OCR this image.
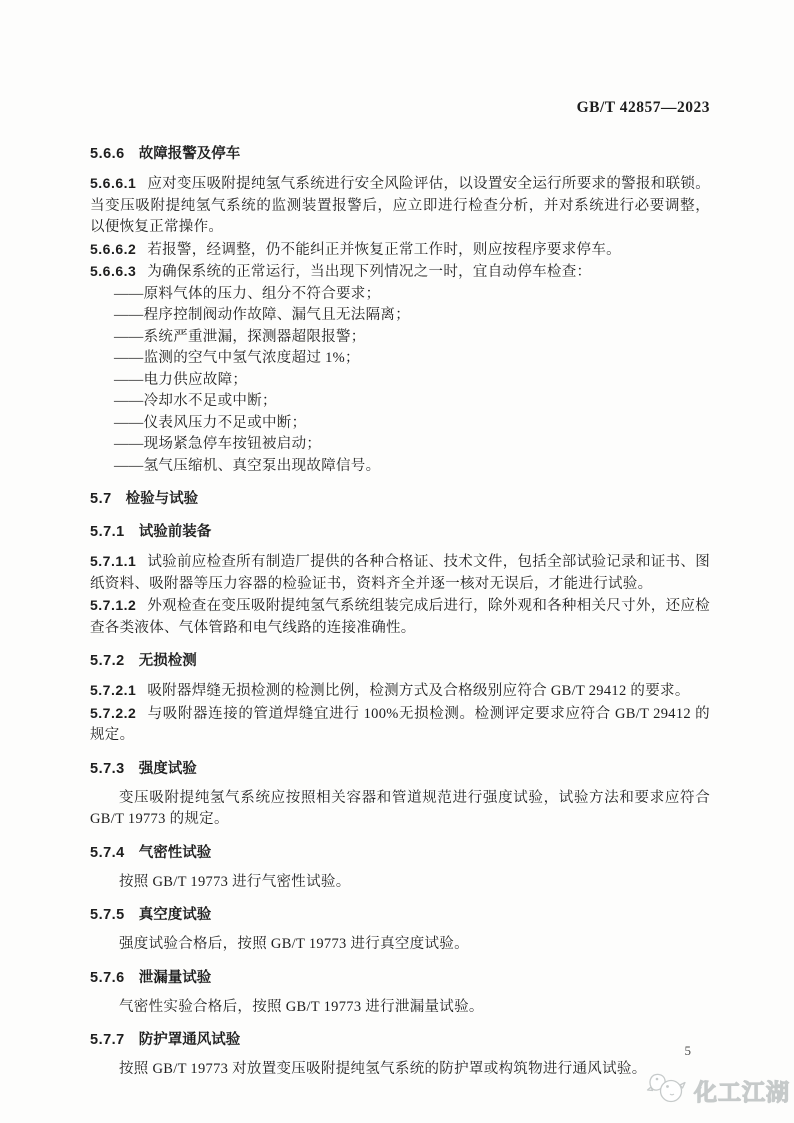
GB/T 42857—2023
5.6.6 故障报警及停车

5.6.6.1 应对变压吸附提纯氢气系统进行安全风险评估，以设置安全运行所要求的警报和联锁。当变压吸附提纯氢气系统的监测装置报警后，应立即进行检查分析，并对系统进行必要调整，以便恢复正常操作。

5.6.6.2 若报警，经调整，仍不能纠正并恢复正常工作时，则应按程序要求停车。

5.6.6.3 为确保系统的正常运行，当出现下列情况之一时，宜自动停车检查：

——原料气体的压力、组分不符合要求；
——程序控制阀动作故障、漏气且无法隔离；
——系统严重泄漏，探测器超限报警；
——监测的空气中氢气浓度超过 1%；
——电力供应故障；
——冷却水不足或中断；
——仪表风压力不足或中断；
——现场紧急停车按钮被启动；
——氢气压缩机、真空泵出现故障信号。
5.7 检验与试验
5.7.1 试验前装备

5.7.1.1 试验前应检查所有制造厂提供的各种合格证、技术文件，包括全部试验记录和证书、图纸资料、吸附器等压力容器的检验证书，资料齐全并逐一核对无误后，才能进行试验。

5.7.1.2 外观检查在变压吸附提纯氢气系统组装完成后进行，除外观和各种相关尺寸外，还应检查各类液体、气体管路和电气线路的连接准确性。

5.7.2 无损检测

5.7.2.1 吸附器焊缝无损检测的检测比例，检测方式及合格级别应符合 GB/T 29412 的要求。

5.7.2.2 与吸附器连接的管道焊缝宜进行 100%无损检测。检测评定要求应符合 GB/T 29412 的规定。

5.7.3 强度试验

变压吸附提纯氢气系统应按照相关容器和管道规范进行强度试验，试验方法和要求应符合 GB/T 19773 的规定。

5.7.4 气密性试验

按照 GB/T 19773 进行气密性试验。

5.7.5 真空度试验

强度试验合格后，按照 GB/T 19773 进行真空度试验。

5.7.6 泄漏量试验

气密性实验合格后，按照 GB/T 19773 进行泄漏量试验。

5.7.7 防护罩通风试验

按照 GB/T 19773 对放置变压吸附提纯氢气系统的防护罩或构筑物进行通风试验。

5
化工江湖
